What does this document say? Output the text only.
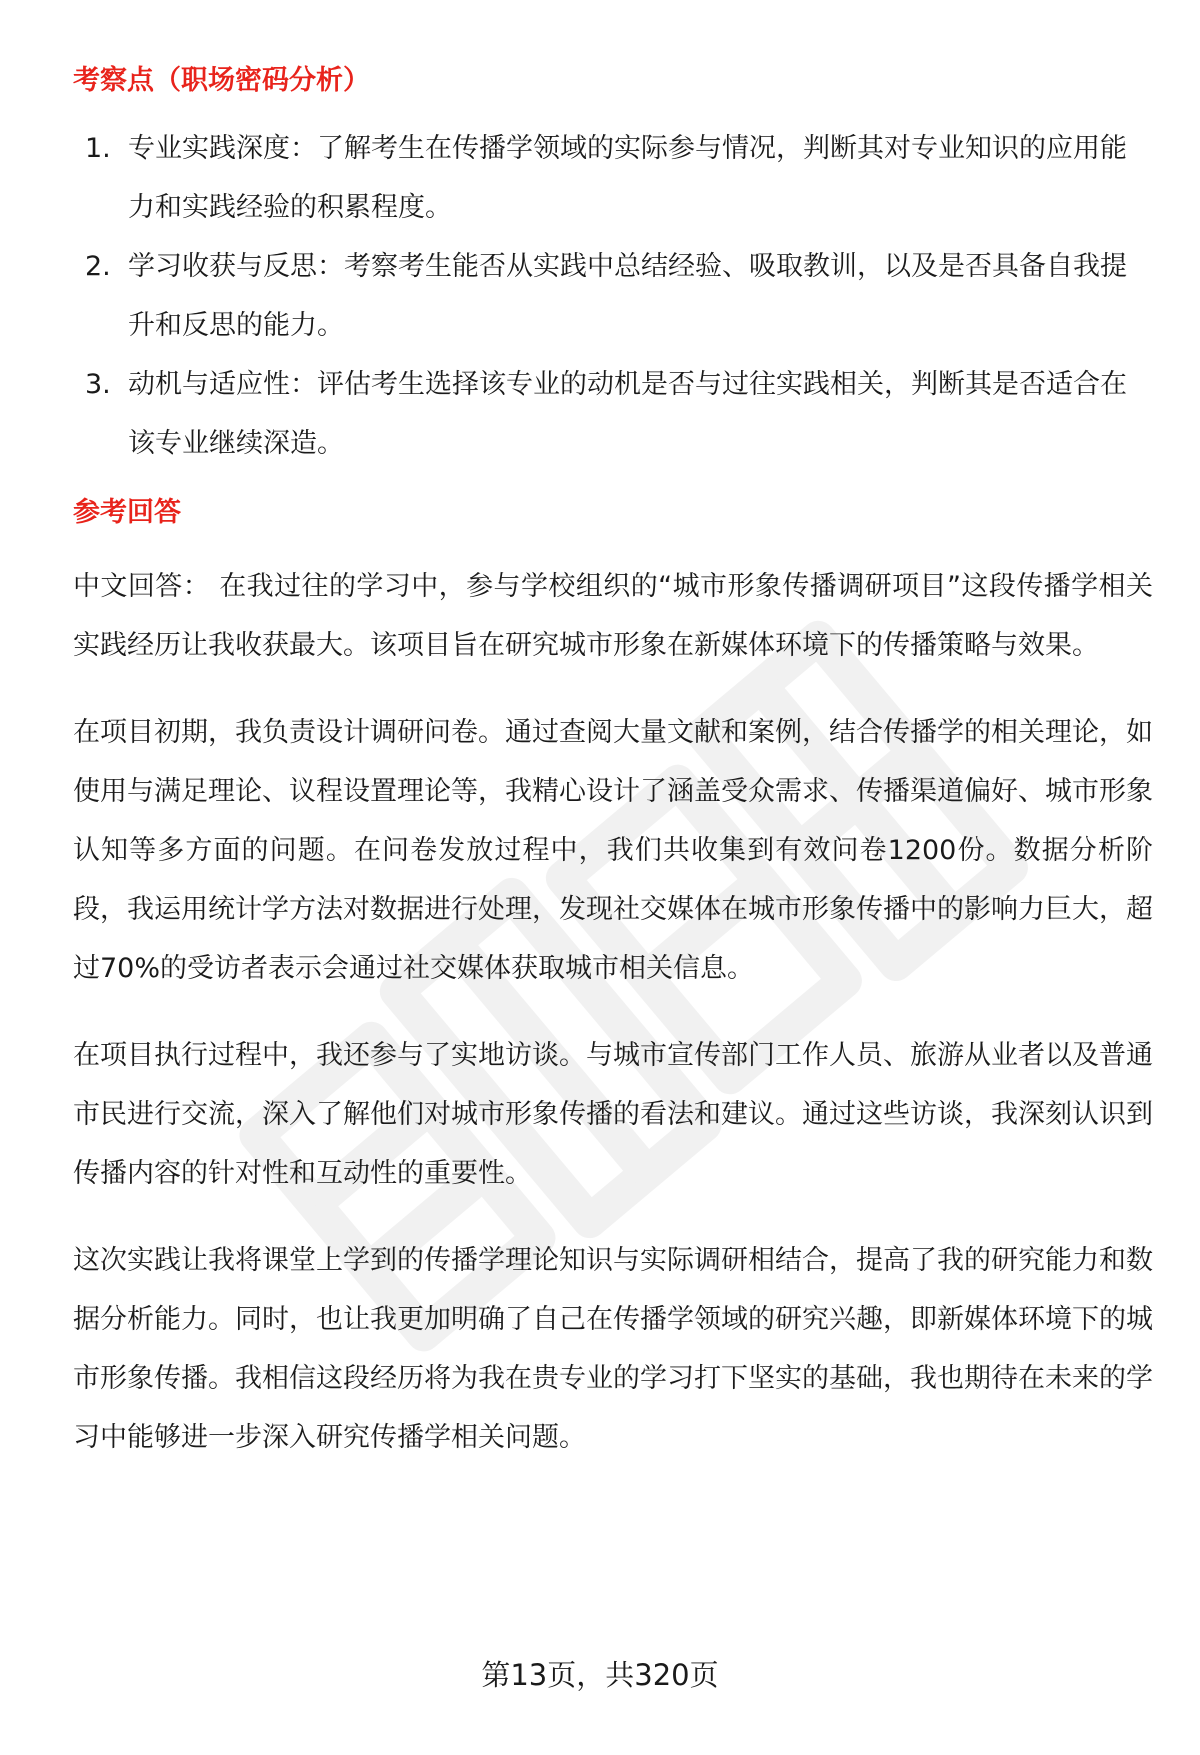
考察点（职场密码分析）
1. 专业实践深度：了解考生在传播学领域的实际参与情况，判断其对专业知识的应用能力和实践经验的积累程度。
2. 学习收获与反思：考察考生能否从实践中总结经验、吸取教训，以及是否具备自我提升和反思的能力。
3. 动机与适应性：评估考生选择该专业的动机是否与过往实践相关，判断其是否适合在该专业继续深造。
参考回答

中文回答： 在我过往的学习中，参与学校组织的“城市形象传播调研项目”这段传播学相关实践经历让我收获最大。该项目旨在研究城市形象在新媒体环境下的传播策略与效果。

在项目初期，我负责设计调研问卷。通过查阅大量文献和案例，结合传播学的相关理论，如使用与满足理论、议程设置理论等，我精心设计了涵盖受众需求、传播渠道偏好、城市形象认知等多方面的问题。在问卷发放过程中，我们共收集到有效问卷1200份。数据分析阶段，我运用统计学方法对数据进行处理，发现社交媒体在城市形象传播中的影响力巨大，超过70%的受访者表示会通过社交媒体获取城市相关信息。

在项目执行过程中，我还参与了实地访谈。与城市宣传部门工作人员、旅游从业者以及普通市民进行交流，深入了解他们对城市形象传播的看法和建议。通过这些访谈，我深刻认识到传播内容的针对性和互动性的重要性。

这次实践让我将课堂上学到的传播学理论知识与实际调研相结合，提高了我的研究能力和数据分析能力。同时，也让我更加明确了自己在传播学领域的研究兴趣，即新媒体环境下的城市形象传播。我相信这段经历将为我在贵专业的学习打下坚实的基础，我也期待在未来的学习中能够进一步深入研究传播学相关问题。

第13页，共320页
